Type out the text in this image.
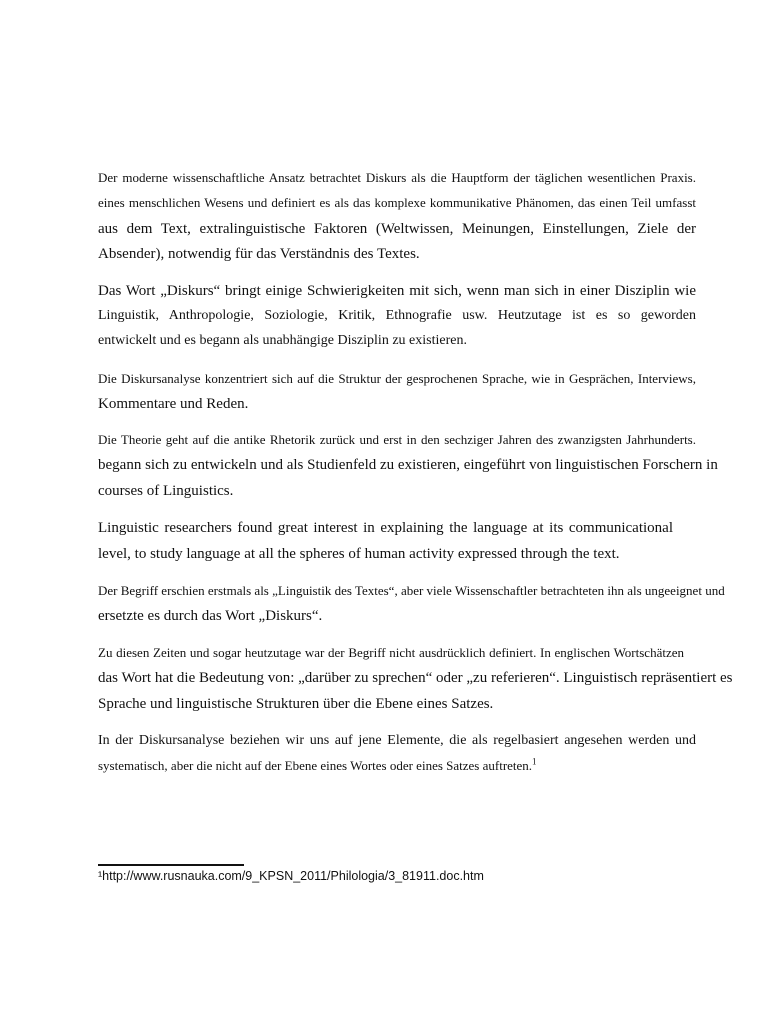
Der moderne wissenschaftliche Ansatz betrachtet Diskurs als die Hauptform der täglichen wesentlichen Praxis.
eines menschlichen Wesens und definiert es als das komplexe kommunikative Phänomen, das einen Teil umfasst
aus dem Text, extralinguistische Faktoren (Weltwissen, Meinungen, Einstellungen, Ziele der
Absender), notwendig für das Verständnis des Textes.
Das Wort „Diskurs“ bringt einige Schwierigkeiten mit sich, wenn man sich in einer Disziplin wie
Linguistik, Anthropologie, Soziologie, Kritik, Ethnografie usw. Heutzutage ist es so geworden
entwickelt und es begann als unabhängige Disziplin zu existieren.
Die Diskursanalyse konzentriert sich auf die Struktur der gesprochenen Sprache, wie in Gesprächen, Interviews,
Kommentare und Reden.
Die Theorie geht auf die antike Rhetorik zurück und erst in den sechziger Jahren des zwanzigsten Jahrhunderts.
begann sich zu entwickeln und als Studienfeld zu existieren, eingeführt von linguistischen Forschern in
courses of Linguistics.
Linguistic researchers found great interest in explaining the language at its communicational
level, to study language at all the spheres of human activity expressed through the text.
Der Begriff erschien erstmals als „Linguistik des Textes“, aber viele Wissenschaftler betrachteten ihn als ungeeignet und
ersetzte es durch das Wort „Diskurs“.
Zu diesen Zeiten und sogar heutzutage war der Begriff nicht ausdrücklich definiert. In englischen Wortschätzen
das Wort hat die Bedeutung von: „darüber zu sprechen“ oder „zu referieren“. Linguistisch repräsentiert es
Sprache und linguistische Strukturen über die Ebene eines Satzes.
In der Diskursanalyse beziehen wir uns auf jene Elemente, die als regelbasiert angesehen werden und
systematisch, aber die nicht auf der Ebene eines Wortes oder eines Satzes auftreten.$^1$
¹http://www.rusnauka.com/9_KPSN_2011/Philologia/3_81911.doc.htm
